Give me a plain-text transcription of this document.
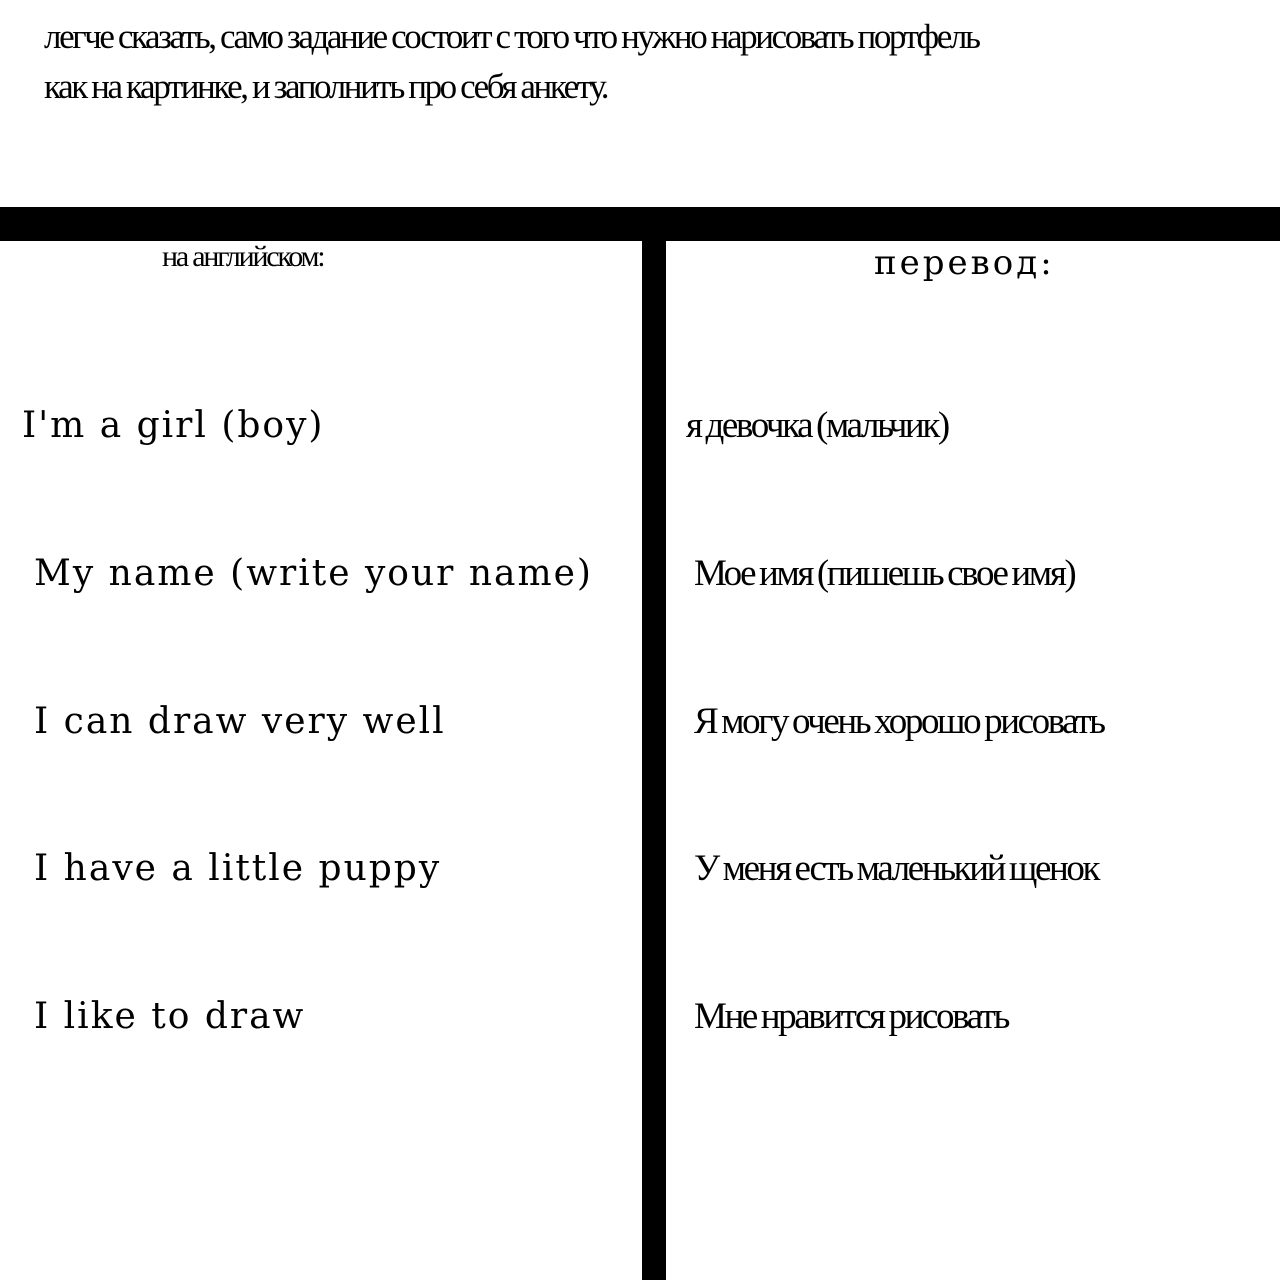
легче сказать, само задание состоит с того что нужно нарисовать портфель
как на картинке, и заполнить про себя анкету.

на английском:	перевод:
I'm a girl (boy)	я девочка (мальчик)
My name (write your name)	Мое имя (пишешь свое имя)
I can draw very well	Я могу очень хорошо рисовать
I have a little puppy	У меня есть маленький щенок
I like to draw	Мне нравится рисовать
